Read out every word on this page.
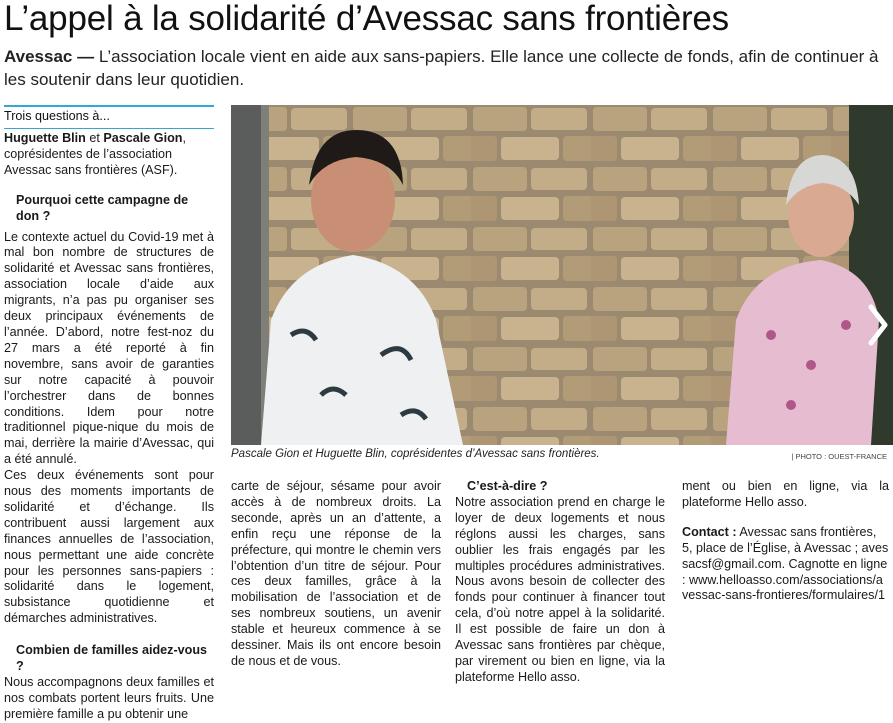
L’appel à la solidarité d’Avessac sans frontières
Avessac — L’association locale vient en aide aux sans-papiers. Elle lance une collecte de fonds, afin de continuer à les soutenir dans leur quotidien.
Trois questions à...

Huguette Blin et Pascale Gion, coprésidentes de l’association Avessac sans frontières (ASF).

Pourquoi cette campagne de don ?

Le contexte actuel du Covid-19 met à mal bon nombre de structures de solidarité et Avessac sans frontières, association locale d’aide aux migrants, n’a pas pu organiser ses deux principaux événements de l’année. D’abord, notre fest-noz du 27 mars a été reporté à fin novembre, sans avoir de garanties sur notre capacité à pouvoir l’orchestrer dans de bonnes conditions. Idem pour notre traditionnel pique-nique du mois de mai, derrière la mairie d’Avessac, qui a été annulé.

Ces deux événements sont pour nous des moments importants de solidarité et d’échange. Ils contribuent aussi largement aux finances annuelles de l’association, nous permettant une aide concrète pour les personnes sans-papiers : solidarité dans le logement, subsistance quotidienne et démarches administratives.

Combien de familles aidez-vous ?

Nous accompagnons deux familles et nos combats portent leurs fruits. Une première famille a pu obtenir une

Pascale Gion et Huguette Blin, coprésidentes d’Avessac sans frontières.	| PHOTO : OUEST-FRANCE

carte de séjour, sésame pour avoir accès à de nombreux droits. La seconde, après un an d’attente, a enfin reçu une réponse de la préfecture, qui montre le chemin vers l’obtention d’un titre de séjour. Pour ces deux familles, grâce à la mobilisation de l’association et de ses nombreux soutiens, un avenir stable et heureux commence à se dessiner. Mais ils ont encore besoin de nous et de vous.

C’est-à-dire ?

Notre association prend en charge le loyer de deux logements et nous réglons aussi les charges, sans oublier les frais engagés par les multiples procédures administratives. Nous avons besoin de collecter des fonds pour continuer à financer tout cela, d’où notre appel à la solidarité. Il est possible de faire un don à Avessac sans frontières par chèque, par virement ou bien en ligne, via la plateforme Hello asso.

ment ou bien en ligne, via la plateforme Hello asso.

Contact : Avessac sans frontières, 5, place de l’Église, à Avessac ; avessacsf@gmail.com. Cagnotte en ligne : www.helloasso.com/associations/avessac-sans-frontieres/formulaires/1
